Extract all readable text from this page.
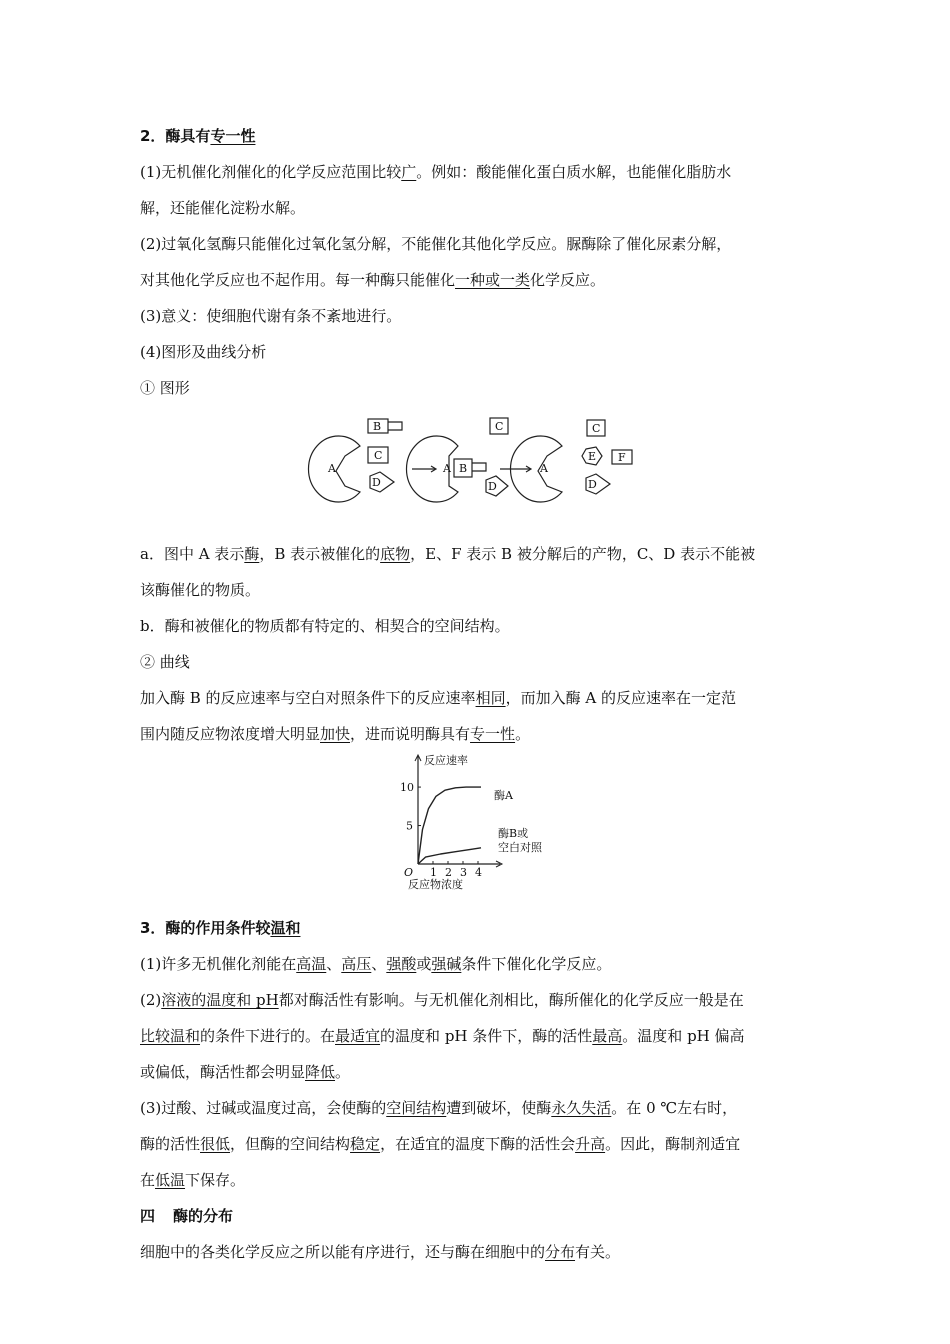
2．酶具有专一性
(1)无机催化剂催化的化学反应范围比较广。例如：酸能催化蛋白质水解，也能催化脂肪水
解，还能催化淀粉水解。
(2)过氧化氢酶只能催化过氧化氢分解，不能催化其他化学反应。脲酶除了催化尿素分解，
对其他化学反应也不起作用。每一种酶只能催化一种或一类化学反应。
(3)意义：使细胞代谢有条不紊地进行。
(4)图形及曲线分析
① 图形
A
B
C
D
A B
C
D
A
C
E F
D
a．图中 A 表示酶，B 表示被催化的底物，E、F 表示 B 被分解后的产物，C、D 表示不能被
该酶催化的物质。
b．酶和被催化的物质都有特定的、相契合的空间结构。
② 曲线
加入酶 B 的反应速率与空白对照条件下的反应速率相同，而加入酶 A 的反应速率在一定范
围内随反应物浓度增大明显加快，进而说明酶具有专一性。
反应速率
反应物浓度
O
酶A
酶B或
空白对照
1 2 3 4
5
10
3．酶的作用条件较温和
(1)许多无机催化剂能在高温、高压、强酸或强碱条件下催化化学反应。
(2)溶液的温度和 pH都对酶活性有影响。与无机催化剂相比，酶所催化的化学反应一般是在
比较温和的条件下进行的。在最适宜的温度和 pH 条件下，酶的活性最高。温度和 pH 偏高
或偏低，酶活性都会明显降低。
(3)过酸、过碱或温度过高，会使酶的空间结构遭到破坏，使酶永久失活。在 0 ℃左右时，
酶的活性很低，但酶的空间结构稳定，在适宜的温度下酶的活性会升高。因此，酶制剂适宜
在低温下保存。
四 酶的分布
细胞中的各类化学反应之所以能有序进行，还与酶在细胞中的分布有关。
